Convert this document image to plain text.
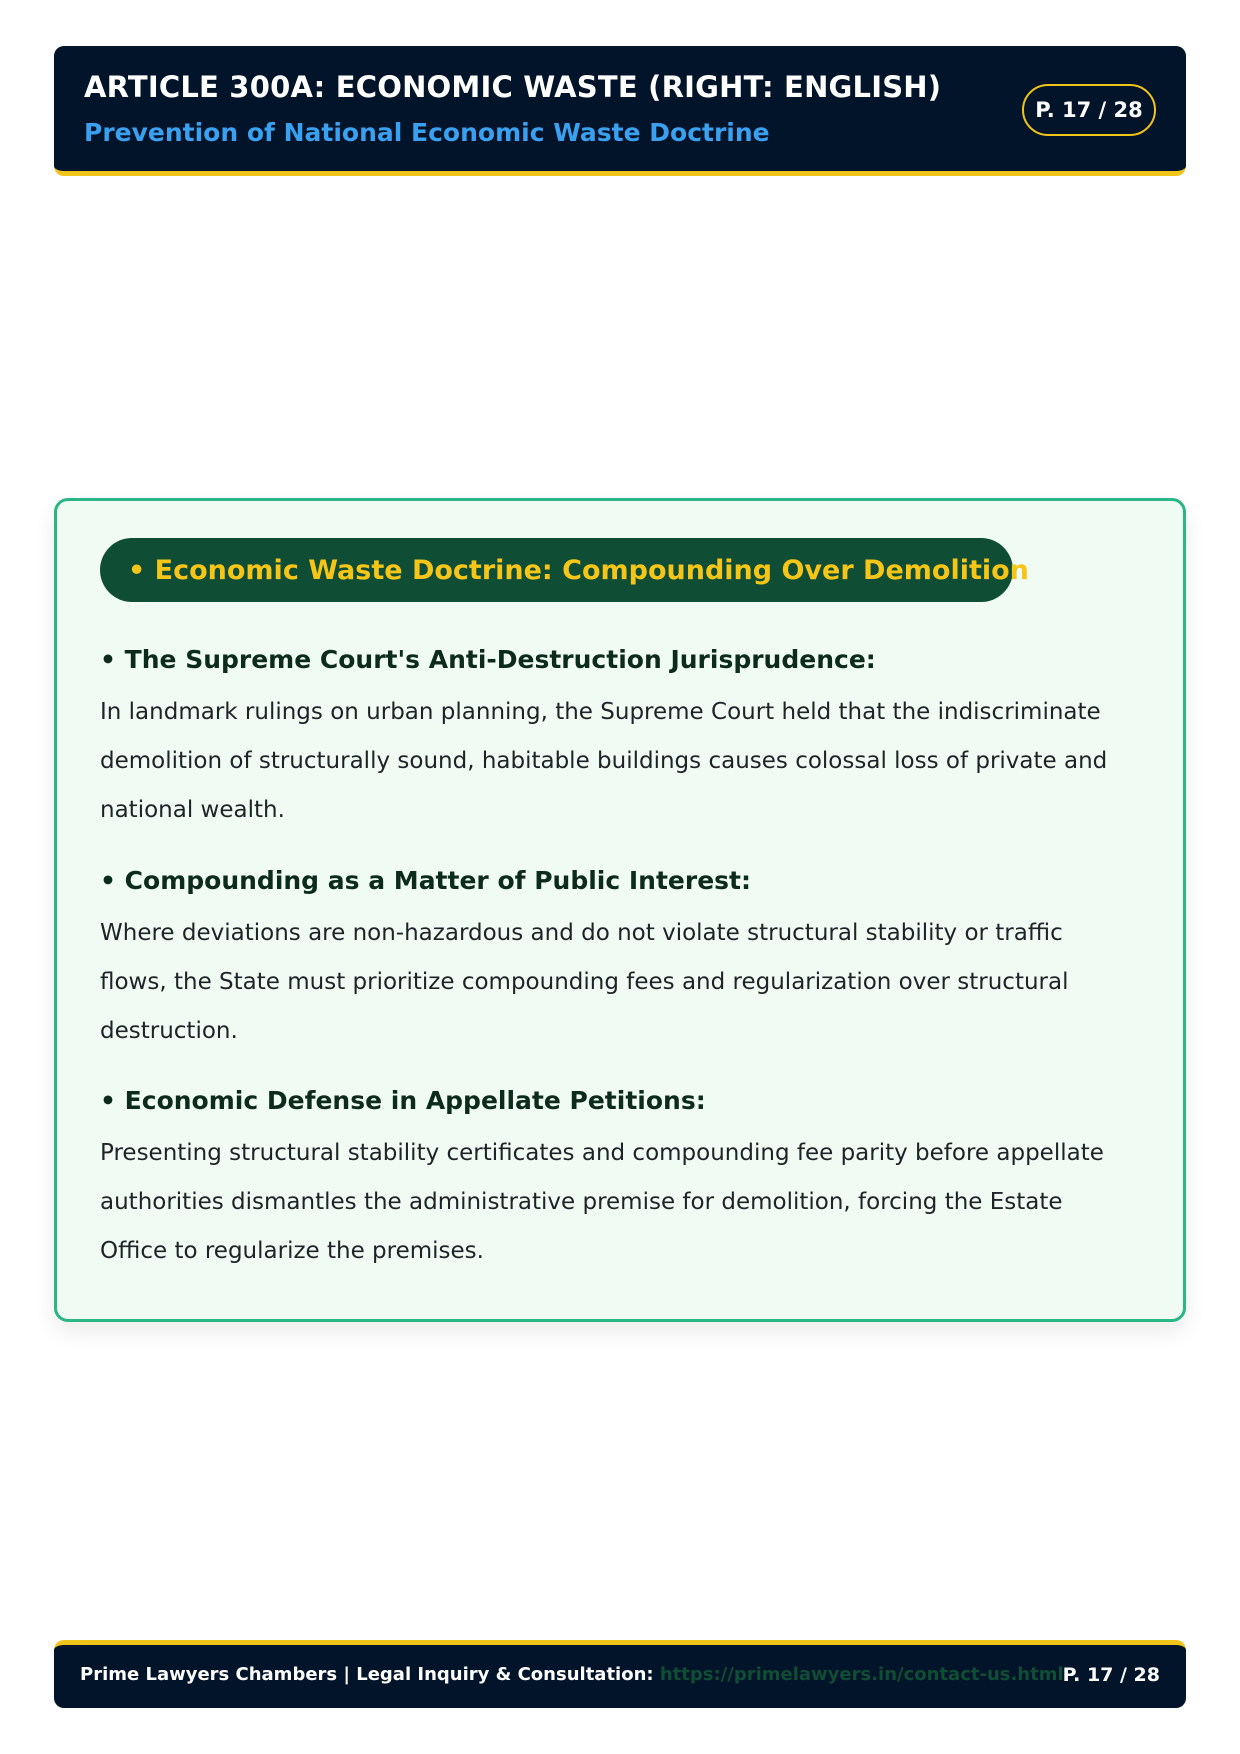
ARTICLE 300A: ECONOMIC WASTE (RIGHT: ENGLISH)
Prevention of National Economic Waste Doctrine
P. 17 / 28
• Economic Waste Doctrine: Compounding Over Demolition
• The Supreme Court's Anti-Destruction Jurisprudence:
In landmark rulings on urban planning, the Supreme Court held that the indiscriminate demolition of structurally sound, habitable buildings causes colossal loss of private and national wealth.
• Compounding as a Matter of Public Interest:
Where deviations are non-hazardous and do not violate structural stability or traffic flows, the State must prioritize compounding fees and regularization over structural destruction.
• Economic Defense in Appellate Petitions:
Presenting structural stability certificates and compounding fee parity before appellate authorities dismantles the administrative premise for demolition, forcing the Estate Office to regularize the premises.
Prime Lawyers Chambers | Legal Inquiry & Consultation: https://primelawyers.in/contact-us.html P. 17 / 28
